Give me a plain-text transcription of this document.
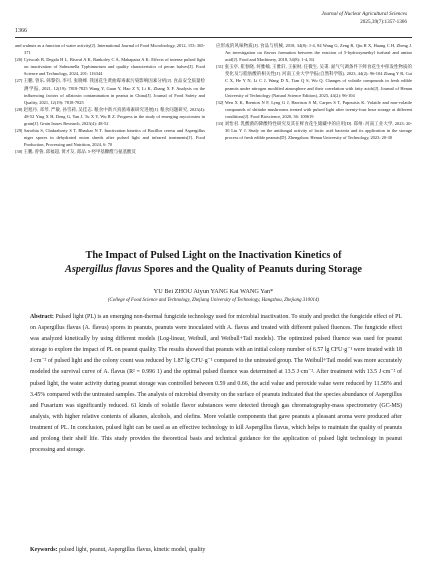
1366
Journal of Nuclear Agricultural Sciences
2025,39(7):1357-1366

and walnuts as a function of water activity[J]. International Journal of Food Microbiology, 2012, 153: 365-371

[26] Cyiwcah B, Degala H L, Biswal A K, Bankoley C A, Mahapatra A K. Effects of intense pulsed light on inactivation of Salmonella Typhimurium and quality characteristics of pecan halves[J]. Food Science and Technology, 2024, 201: 116344

[27] 王鹏, 曾乐, 韩黎钧, 李可, 张晓峰. 我国花生黄曲霉毒素污染影响因素分析[J]. 食品安全质量检测学报, 2021, 12(19): 7818-7825 Wang Y, Guan Y, Hao Z Y, Li K, Zhang X F. Analysis on the influencing factors of aflatoxin contamination in peanut in China[J]. Journal of Food Safety and Quality, 2021, 12(19): 7818-7825

[28] 赵旭丹, 邓琴, 严敏, 孙雪莉, 吴佳志. 粮食中新兴真菌毒素研究进展[J]. 粮食问题研究, 2023(4): 48-52 Ying X H, Deng G, Yan J, Tu X Y, Wu R Z. Progress in the study of emerging mycotoxins in grain[J]. Grain Issues Research, 2023(4): 48-52

[29] Sarothia S, Chakraborty S T, Bhaskar N T. Inactivation kinetics of Bacillus cereus and Aspergillus niger spores in dehydrated onion shreds after pulsed light and infrared treatments[J]. Food Production, Processing and Nutrition, 2024, 6: 70

[30] 王鹏, 曾鲁, 邱福超, 黄才友, 郑品. 5-羟甲基糠醛与氨基酸反

应形成的风味物质[J]. 食品与机械, 2018, 34(8): 1-4, 84 Wang G, Zeng R, Qiu R X, Huang C H, Zheng J. An investigation on flavors formation between the reaction of 5-hydroxymethyl furfural and amino acid[J]. Food and Machinery, 2018, 34(8): 1-4, 84

[31] 张玉亭, 崔春晓, 何雅楠, 王雅轩, 王振财, 任微生, 吴秉. 氮气气调条件下鲜食花生中挥发性物质的变化及与脂肪酸的相关性[J]. 河南工业大学学报(自然科学版), 2023, 44(2): 96-104 Zhang Y R, Cui C X, He Y N, Li C J, Wang D X, Tian Q S, Wu Q. Changes of volatile compounds in fresh edible peanuts under nitrogen modified atmosphere and their correlation with fatty acids[J]. Journal of Henan University of Technology (Natural Science Edition), 2023, 44(2): 96-104

[32] Wen X K, Brenton N F, Lyng G J, Harrison S M, Carpes S T, Papoutsis K. Volatile and non-volatile compounds of shiitake mushrooms treated with pulsed light after twenty-four hour storage at different conditions[J]. Food Bioscience, 2020, 36: 100619

[33] 刘怡君. 乳酸菌的降酸特性研究及其在鲜食花生储藏中的应用[D]. 郑州: 河南工业大学, 2023: 20-30 Liu Y J. Study on the antifungal activity of lactic acid bacteria and its application in the storage process of fresh edible peanuts[D]. Zhengzhou: Henan University of Technology, 2023: 20-30

The Impact of Pulsed Light on the Inactivation Kinetics of
Aspergillus flavus Spores and the Quality of Peanuts during Storage
YU Bei ZHOU Aiyun YANG Kai WANG Yan*
(College of Food Science and Technology, Zhejiang University of Technology, Hangzhou, Zhejiang 310014)

Abstract: Pulsed light (PL) is an emerging non-thermal fungicide technology used for microbial inactivation. To study and predict the fungicide effect of PL on Aspergillus flavus (A. flavus) spores in peanuts, peanuts were inoculated with A. flavus and treated with different pulsed fluences. The fungicide effect was analyzed kinetically by using different models (Log-linear, Weibull, and Weibull+Tail models). The optimized pulsed fluence was used for peanut storage to explore the impact of PL on peanut quality. The results showed that peanuts with an initial colony number of 6.57 lg CFU·g⁻¹ were treated with 18 J·cm⁻² of pulsed light and the colony count was reduced by 1.87 lg CFU·g⁻¹ compared to the untreated group. The Weibull+Tail model was more accurately modeled the survival curve of A. flavus (R² = 0.996 1) and the optimal pulsed fluence was determined at 13.5 J·cm⁻². After treatment with 13.5 J·cm⁻² of pulsed light, the water activity during peanut storage was controlled between 0.59 and 0.66, the acid value and peroxide value were reduced by 11.58% and 3.45% compared with the untreated samples. The analysis of microbial diversity on the surface of peanuts indicated that the species abundance of Aspergillus and Fusarium was significantly reduced. 61 kinds of volatile flavor substances were detected through gas chromatography-mass spectrometry (GC-MS) analysis, with higher relative contents of alkanes, alcohols, and olefins. More volatile components that gave peanuts a pleasant aroma were produced after treatment of PL. In conclusion, pulsed light can be used as an effective technology to kill Aspergillus flavus, which helps to maintain the quality of peanuts and prolong their shelf life. This study provides the theoretical basis and technical guidance for the application of pulsed light technology in peanut processing and storage.

Keywords: pulsed light, peanut, Aspergillus flavus, kinetic model, quality
